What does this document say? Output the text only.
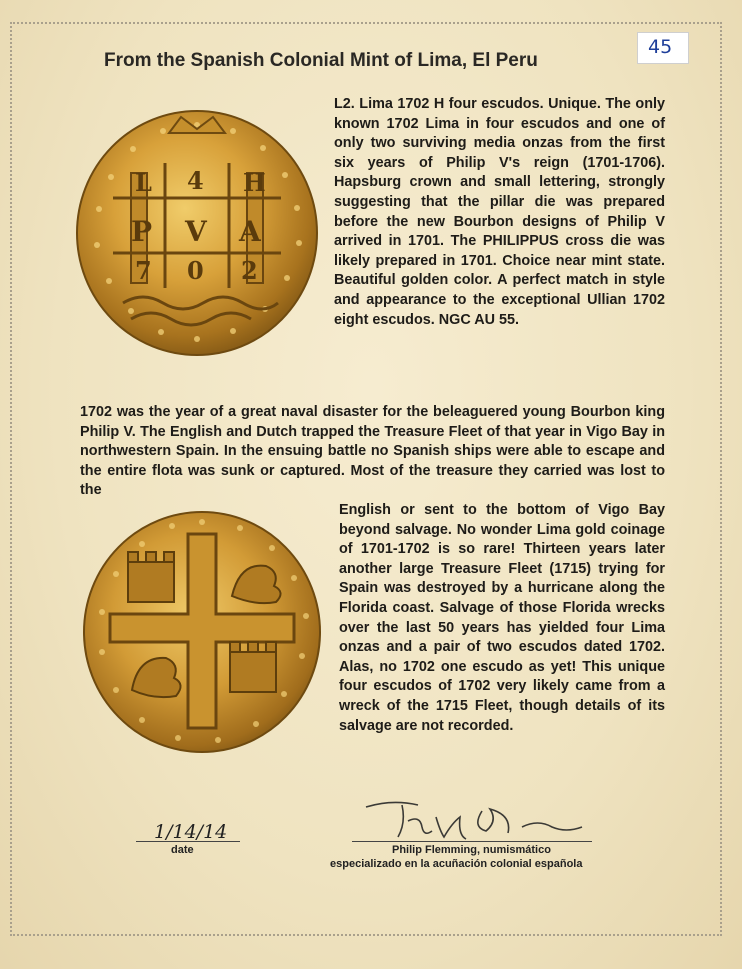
From the Spanish Colonial Mint of Lima, El Peru
45
L 4 H
P V A
7 0 2

L2. Lima 1702 H four escudos. Unique. The only known 1702 Lima in four escudos and one of only two surviving media onzas from the first six years of Philip V's reign (1701-1706). Hapsburg crown and small lettering, strongly suggesting that the pillar die was prepared before the new Bourbon designs of Philip V arrived in 1701. The PHILIPPUS cross die was likely prepared in 1701. Choice near mint state. Beautiful golden color. A perfect match in style and appearance to the exceptional Ullian 1702 eight escudos. NGC AU 55.

1702 was the year of a great naval disaster for the beleaguered young Bourbon king Philip V. The English and Dutch trapped the Treasure Fleet of that year in Vigo Bay in northwestern Spain. In the ensuing battle no Spanish ships were able to escape and the entire flota was sunk or captured. Most of the treasure they carried was lost to the

English or sent to the bottom of Vigo Bay beyond salvage. No wonder Lima gold coinage of 1701-1702 is so rare! Thirteen years later another large Treasure Fleet (1715) trying for Spain was destroyed by a hurricane along the Florida coast. Salvage of those Florida wrecks over the last 50 years has yielded four Lima onzas and a pair of two escudos dated 1702. Alas, no 1702 one escudo as yet! This unique four escudos of 1702 very likely came from a wreck of the 1715 Fleet, though details of its salvage are not recorded.

1/14/14
date	Philip Flemming, numismático
especializado en la acuñación colonial española
